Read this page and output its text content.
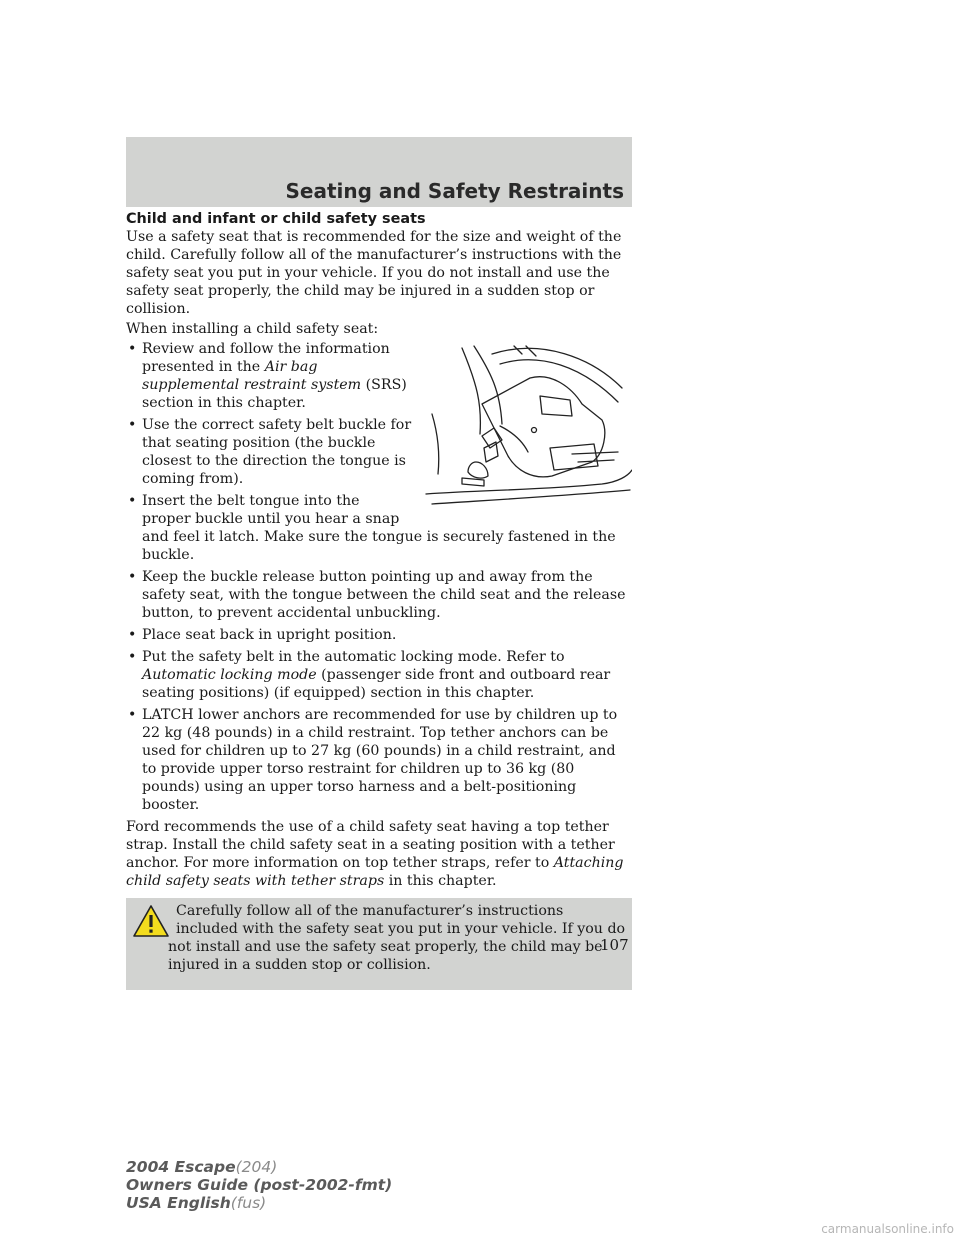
Seating and Safety Restraints
Child and infant or child safety seats

Use a safety seat that is recommended for the size and weight of the child. Carefully follow all of the manufacturer’s instructions with the safety seat you put in your vehicle. If you do not install and use the safety seat properly, the child may be injured in a sudden stop or collision.

When installing a child safety seat:

• Review and follow the information presented in the Air bag supplemental restraint system (SRS) section in this chapter.
• Use the correct safety belt buckle for that seating position (the buckle closest to the direction the tongue is coming from).
• Insert the belt tongue into the proper buckle until you hear a snap and feel it latch. Make sure the tongue is securely fastened in the buckle.
• Keep the buckle release button pointing up and away from the safety seat, with the tongue between the child seat and the release button, to prevent accidental unbuckling.
• Place seat back in upright position.
• Put the safety belt in the automatic locking mode. Refer to Automatic locking mode (passenger side front and outboard rear seating positions) (if equipped) section in this chapter.
• LATCH lower anchors are recommended for use by children up to 22 kg (48 pounds) in a child restraint. Top tether anchors can be used for children up to 27 kg (60 pounds) in a child restraint, and to provide upper torso restraint for children up to 36 kg (80 pounds) using an upper torso harness and a belt-positioning booster.

Ford recommends the use of a child safety seat having a top tether strap. Install the child safety seat in a seating position with a tether anchor. For more information on top tether straps, refer to Attaching child safety seats with tether straps in this chapter.

Carefully follow all of the manufacturer’s instructions included with the safety seat you put in your vehicle. If you do not install and use the safety seat properly, the child may be injured in a sudden stop or collision.

107
2004 Escape(204)
Owners Guide (post-2002-fmt)
USA English(fus)
carmanualsonline.info
